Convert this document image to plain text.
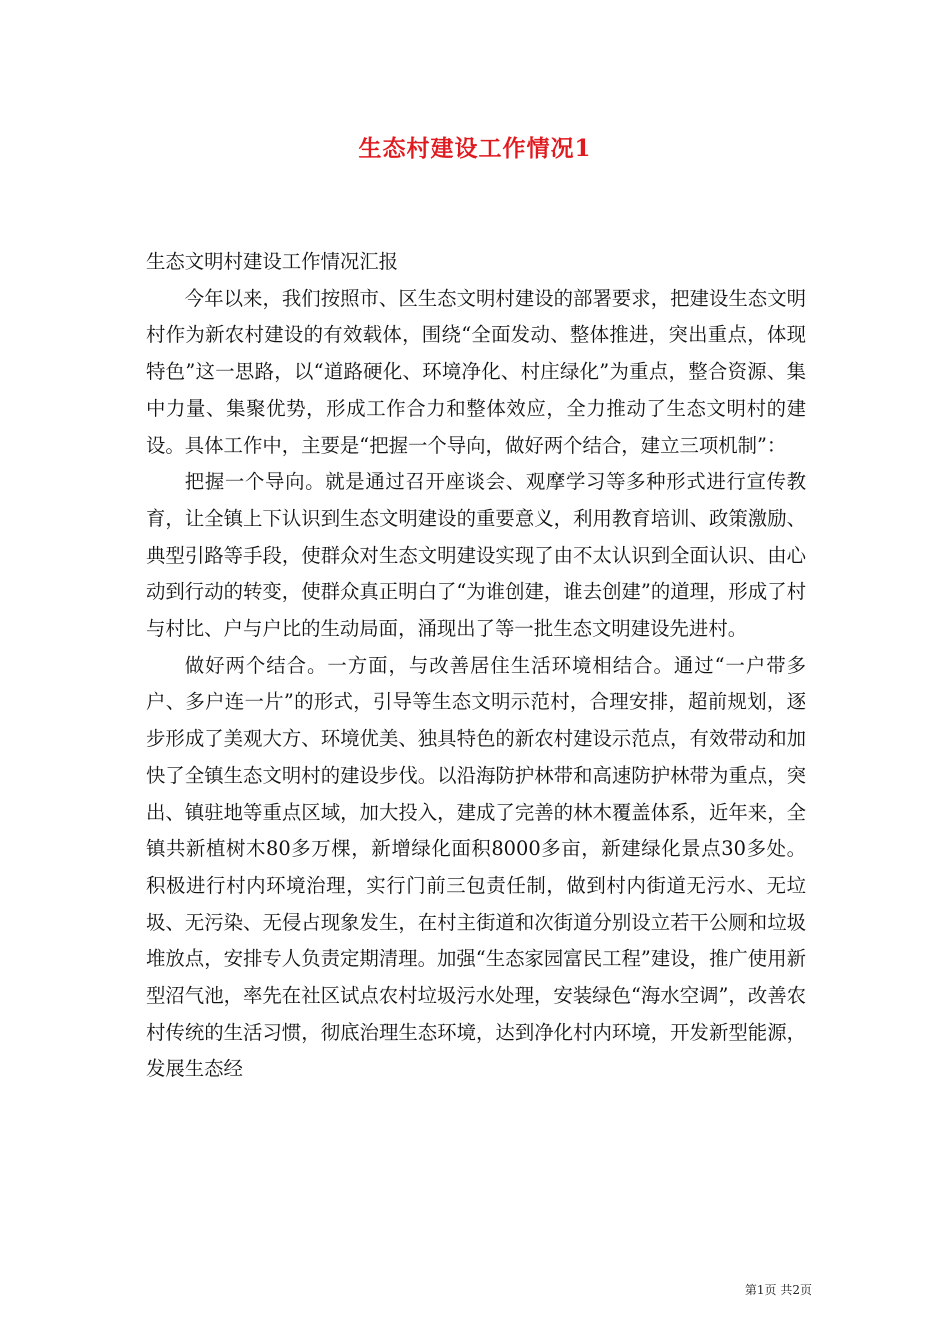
生态村建设工作情况1

生态文明村建设工作情况汇报

今年以来，我们按照市、区生态文明村建设的部署要求，把建设生态文明村作为新农村建设的有效载体，围绕“全面发动、整体推进，突出重点，体现特色”这一思路，以“道路硬化、环境净化、村庄绿化”为重点，整合资源、集中力量、集聚优势，形成工作合力和整体效应，全力推动了生态文明村的建设。具体工作中，主要是“把握一个导向，做好两个结合，建立三项机制”：

把握一个导向。就是通过召开座谈会、观摩学习等多种形式进行宣传教育，让全镇上下认识到生态文明建设的重要意义，利用教育培训、政策激励、典型引路等手段，使群众对生态文明建设实现了由不太认识到全面认识、由心动到行动的转变，使群众真正明白了“为谁创建，谁去创建”的道理，形成了村与村比、户与户比的生动局面，涌现出了等一批生态文明建设先进村。

做好两个结合。一方面，与改善居住生活环境相结合。通过“一户带多户、多户连一片”的形式，引导等生态文明示范村，合理安排，超前规划，逐步形成了美观大方、环境优美、独具特色的新农村建设示范点，有效带动和加快了全镇生态文明村的建设步伐。以沿海防护林带和高速防护林带为重点，突出、镇驻地等重点区域，加大投入，建成了完善的林木覆盖体系，近年来，全镇共新植树木80多万棵，新增绿化面积8000多亩，新建绿化景点30多处。积极进行村内环境治理，实行门前三包责任制，做到村内街道无污水、无垃圾、无污染、无侵占现象发生，在村主街道和次街道分别设立若干公厕和垃圾堆放点，安排专人负责定期清理。加强“生态家园富民工程”建设，推广使用新型沼气池，率先在社区试点农村垃圾污水处理，安装绿色“海水空调”，改善农村传统的生活习惯，彻底治理生态环境，达到净化村内环境，开发新型能源，发展生态经

第1页 共2页
